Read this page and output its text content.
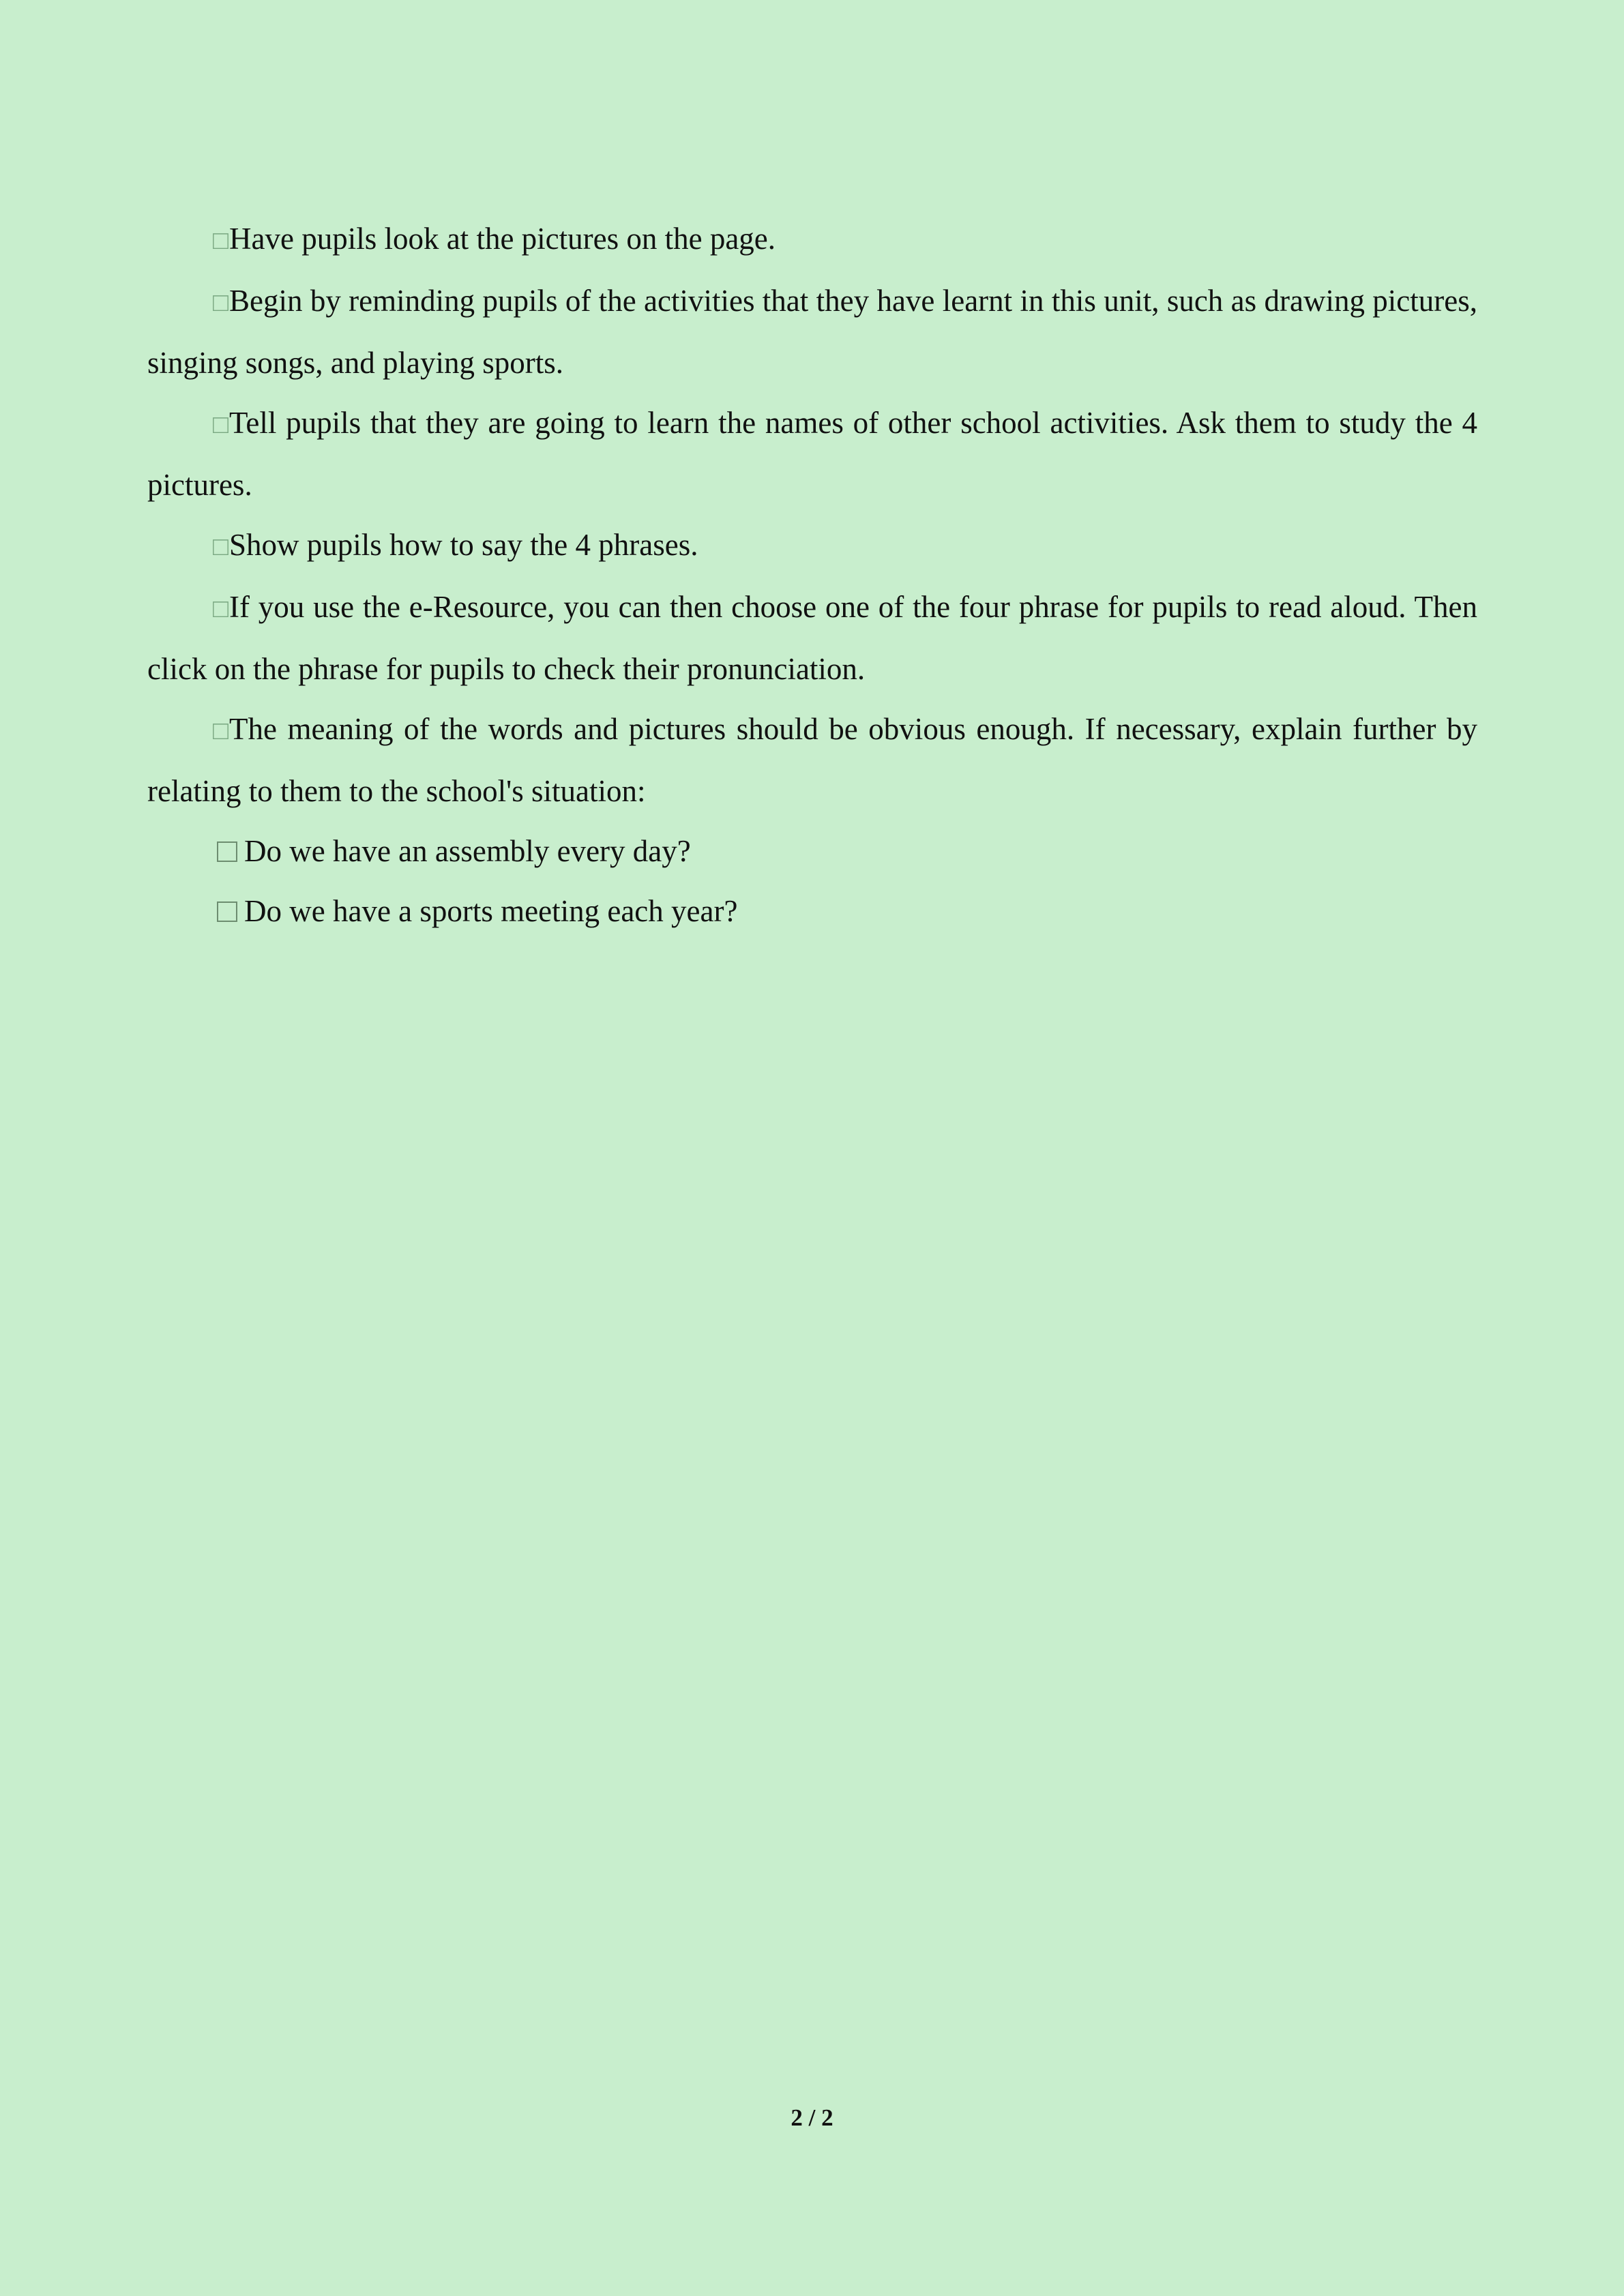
□Have pupils look at the pictures on the page.

□Begin by reminding pupils of the activities that they have learnt in this unit, such as drawing pictures, singing songs, and playing sports.

□Tell pupils that they are going to learn the names of other school activities. Ask them to study the 4 pictures.

□Show pupils how to say the 4 phrases.

□If you use the e-Resource, you can then choose one of the four phrase for pupils to read aloud. Then click on the phrase for pupils to check their pronunciation.

□The meaning of the words and pictures should be obvious enough. If necessary, explain further by relating to them to the school's situation:

Do we have an assembly every day?

Do we have a sports meeting each year?

2 / 2
